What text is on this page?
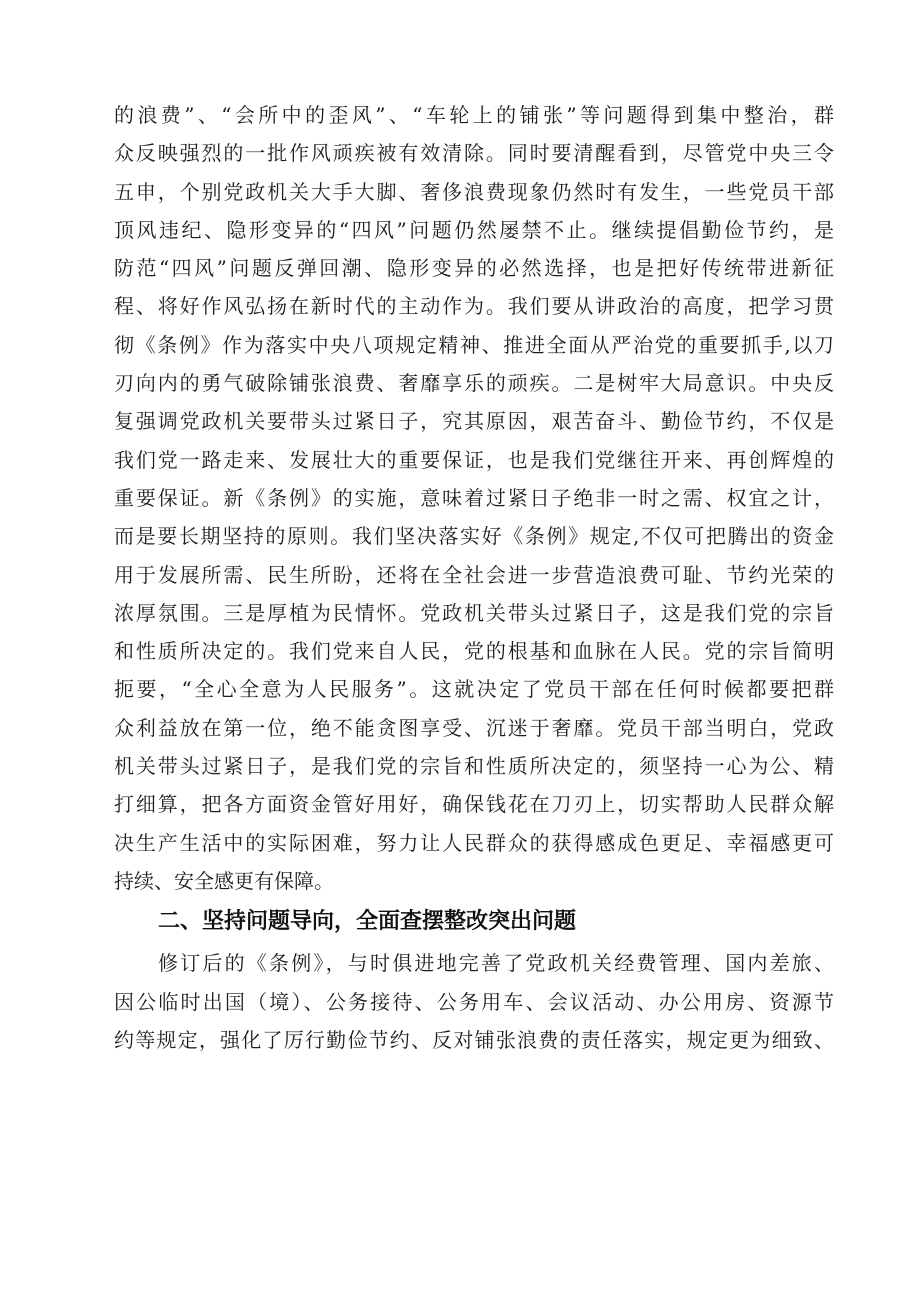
的浪费”、“会所中的歪风”、“车轮上的铺张”等问题得到集中整治，群
众反映强烈的一批作风顽疾被有效清除。同时要清醒看到，尽管党中央三令
五申，个别党政机关大手大脚、奢侈浪费现象仍然时有发生，一些党员干部
顶风违纪、隐形变异的“四风”问题仍然屡禁不止。继续提倡勤俭节约，是
防范“四风”问题反弹回潮、隐形变异的必然选择，也是把好传统带进新征
程、将好作风弘扬在新时代的主动作为。我们要从讲政治的高度，把学习贯
彻《条例》作为落实中央八项规定精神、推进全面从严治党的重要抓手,以刀
刃向内的勇气破除铺张浪费、奢靡享乐的顽疾。二是树牢大局意识。中央反
复强调党政机关要带头过紧日子，究其原因，艰苦奋斗、勤俭节约，不仅是
我们党一路走来、发展壮大的重要保证，也是我们党继往开来、再创辉煌的
重要保证。新《条例》的实施，意味着过紧日子绝非一时之需、权宜之计，
而是要长期坚持的原则。我们坚决落实好《条例》规定,不仅可把腾出的资金
用于发展所需、民生所盼，还将在全社会进一步营造浪费可耻、节约光荣的
浓厚氛围。三是厚植为民情怀。党政机关带头过紧日子，这是我们党的宗旨
和性质所决定的。我们党来自人民，党的根基和血脉在人民。党的宗旨简明
扼要，“全心全意为人民服务”。这就决定了党员干部在任何时候都要把群
众利益放在第一位，绝不能贪图享受、沉迷于奢靡。党员干部当明白，党政
机关带头过紧日子，是我们党的宗旨和性质所决定的，须坚持一心为公、精
打细算，把各方面资金管好用好，确保钱花在刀刃上，切实帮助人民群众解
决生产生活中的实际困难，努力让人民群众的获得感成色更足、幸福感更可
持续、安全感更有保障。
二、坚持问题导向，全面查摆整改突出问题
修订后的《条例》，与时俱进地完善了党政机关经费管理、国内差旅、
因公临时出国（境）、公务接待、公务用车、会议活动、办公用房、资源节
约等规定，强化了厉行勤俭节约、反对铺张浪费的责任落实，规定更为细致、
